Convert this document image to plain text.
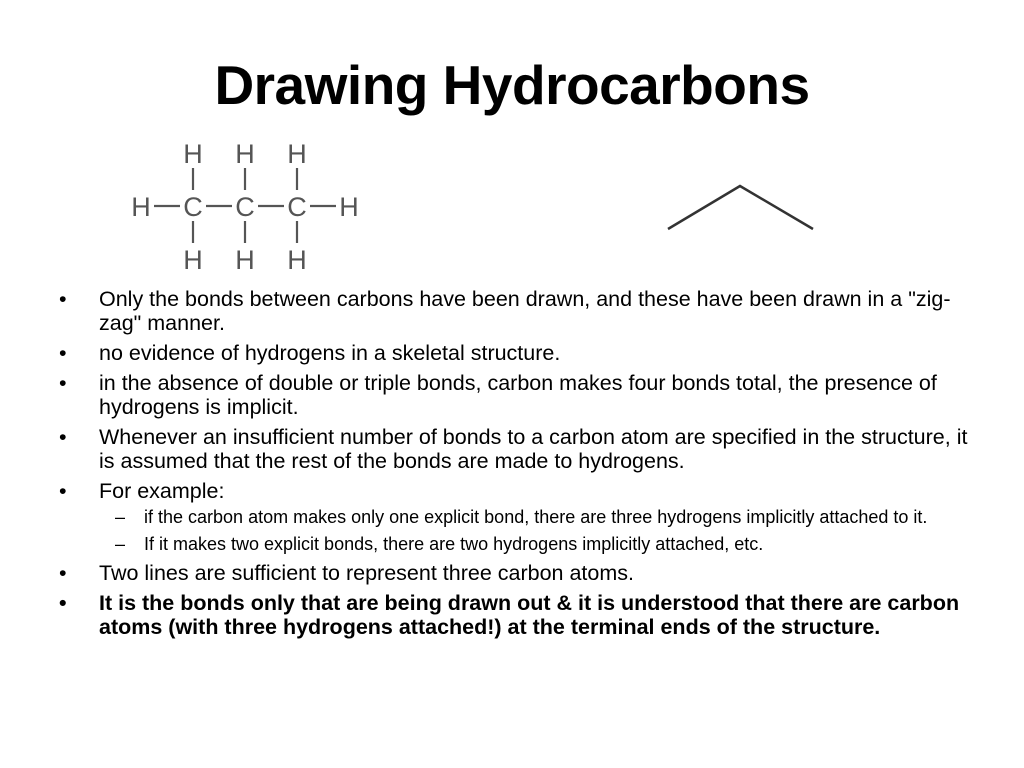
Drawing Hydrocarbons
H H H
H C C C H
H H H
• Only the bonds between carbons have been drawn, and these have been drawn in a "zig-zag" manner.
• no evidence of hydrogens in a skeletal structure.
• in the absence of double or triple bonds, carbon makes four bonds total, the presence of hydrogens is implicit.
• Whenever an insufficient number of bonds to a carbon atom are specified in the structure, it is assumed that the rest of the bonds are made to hydrogens.
• For example:
– if the carbon atom makes only one explicit bond, there are three hydrogens implicitly attached to it.
– If it makes two explicit bonds, there are two hydrogens implicitly attached, etc.
• Two lines are sufficient to represent three carbon atoms.
• It is the bonds only that are being drawn out & it is understood that there are carbon atoms (with three hydrogens attached!) at the terminal ends of the structure.
